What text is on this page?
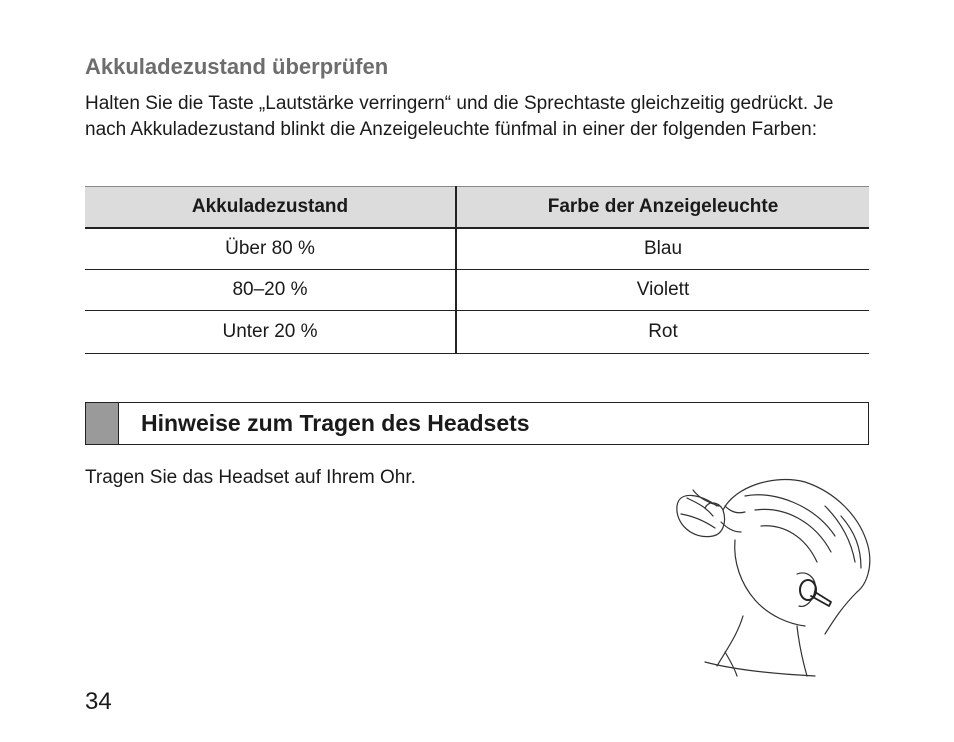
Akkuladezustand überprüfen

Halten Sie die Taste „Lautstärke verringern“ und die Sprechtaste gleichzeitig gedrückt. Je nach Akkuladezustand blinkt die Anzeigeleuchte fünfmal in einer der folgenden Farben:

Akkuladezustand	Farbe der Anzeigeleuchte
Über 80 %	Blau
80–20 %	Violett
Unter 20 %	Rot
Hinweise zum Tragen des Headsets

Tragen Sie das Headset auf Ihrem Ohr.

34
